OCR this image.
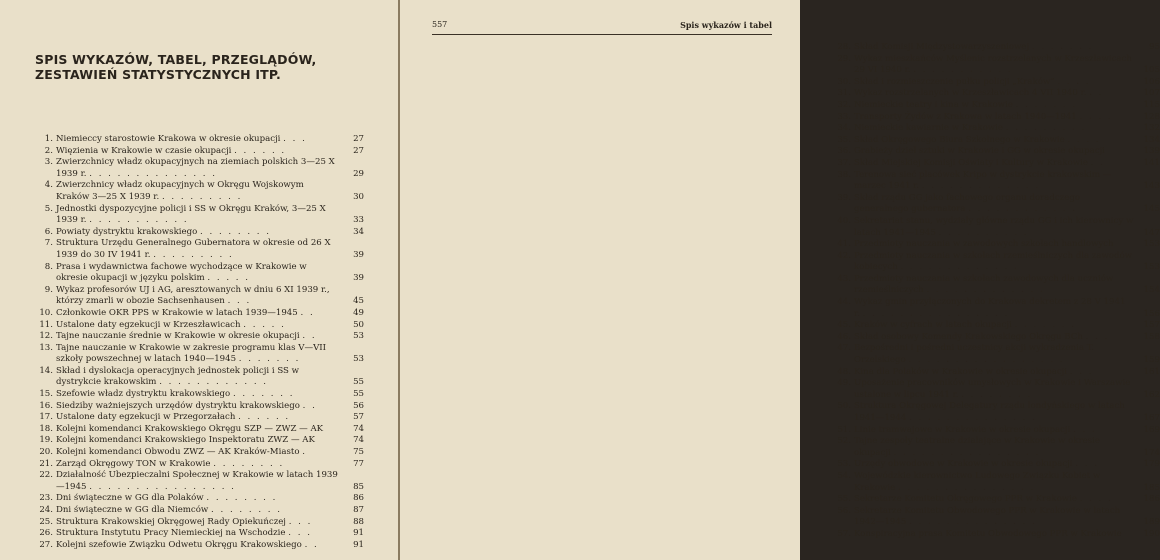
SPIS WYKAZÓW, TABEL, PRZEGLĄDÓW, ZESTAWIEŃ STATYSTYCZNYCH ITP.
1. Niemieccy starostowie Krakowa w okresie okupacji . . .	27
2. Więzienia w Krakowie w czasie okupacji . . . . . .	27
3. Zwierzchnicy władz okupacyjnych na ziemiach polskich 3—25 X 1939 r. . . . . . . . . . . . . . .	29
4. Zwierzchnicy władz okupacyjnych w Okręgu Wojskowym Kraków 3—25 X 1939 r. . . . . . . . . .	30
5. Jednostki dyspozycyjne policji i SS w Okręgu Kraków, 3—25 X 1939 r. . . . . . . . . . . .	33
6. Powiaty dystryktu krakowskiego . . . . . . . .	34
7. Struktura Urzędu Generalnego Gubernatora w okresie od 26 X 1939 do 30 IV 1941 r. . . . . . . . . .	39
8. Prasa i wydawnictwa fachowe wychodzące w Krakowie w okresie okupacji w języku polskim . . . . .	39
9. Wykaz profesorów UJ i AG, aresztowanych w dniu 6 XI 1939 r., którzy zmarli w obozie Sachsenhausen . . .	45
10. Członkowie OKR PPS w Krakowie w latach 1939—1945 . .	49
11. Ustalone daty egzekucji w Krzeszławicach . . . . .	50
12. Tajne nauczanie średnie w Krakowie w okresie okupacji . .	53
13. Tajne nauczanie w Krakowie w zakresie programu klas V—VII szkoły powszechnej w latach 1940—1945 . . . . . . .	53
14. Skład i dyslokacja operacyjnych jednostek policji i SS w dystrykcie krakowskim . . . . . . . . . . . .	55
15. Szefowie władz dystryktu krakowskiego . . . . . . .	55
16. Siedziby ważniejszych urzędów dystryktu krakowskiego . .	56
17. Ustalone daty egzekucji w Przegorzałach . . . . . .	57
18. Kolejni komendanci Krakowskiego Okręgu SZP — ZWZ — AK	74
19. Kolejni komendanci Krakowskiego Inspektoratu ZWZ — AK	74
20. Kolejni komendanci Obwodu ZWZ — AK Kraków-Miasto .	75
21. Zarząd Okręgowy TON w Krakowie . . . . . . . .	77
22. Działalność Ubezpieczalni Społecznej w Krakowie w latach 1939—1945 . . . . . . . . . . . . . . . .	85
23. Dni świąteczne w GG dla Polaków . . . . . . . .	86
24. Dni świąteczne w GG dla Niemców . . . . . . . .	87
25. Struktura Krakowskiej Okręgowej Rady Opiekuńczej . . .	88
26. Struktura Instytutu Pracy Niemieckiej na Wschodzie . . .	91
27. Kolejni szefowie Związku Odwetu Okręgu Krakowskiego . .	91
557	Spis wykazów i tabel
28. Skład Komisji Międzystowarzyszeniowej . . . . . . .	95
29. Wykaz mieszkańców Myślenic rozstrzelanych w Krzeszławicach 29 VI 1940 r. . . . . . . . . . . .	105
30. Skład i rozmieszczenie pułku policji „Kraków” . . . .	106
31. Wykaz rozstrzelanych w Krzeszławicach 4 VII 1940 r. . .	107
32. Niemieckie teatry i kina w Krakowie . . . . . . .	115
33. Transporty Żydów z Krakowa w latach 1940—1941 . . . .	128
34. Niemieckie kawiarnie w Krakowie . . . . . . . . .	132
35. Skład Okręgowego Biura Szkolnego w Krakowie . . . .	134
36. Grabieży dzieł sztuki w Krakowie i GG w okresie okupacji	139
37. Skład Miejskiej Komisji Oświaty i Kultury w Krakowie . .	141
38. Terenowa sieć placówek Kripo w dystrykcie krakowskim — marzec 1941 r. . . . . . . . . . . . . .	143
39. Skład rządu GG jako fachowego organu doradczego generalnego gubernatora . . . . . . . . . . . .	145
40. Sekretariat stanu, wydziały główne rządu GG i ich kierownicy w latach 1941—1945 . . . . . . . . . .	147
41. Przedmioty nauczania w zawodowych szkołach handlowych	153
42. Przedmioty nauczania w szkołach rzemieślniczych dla zawodów kobiecych . . . . . . . . . . . . .	153
43. Przedmioty nauczania w szkołach zawodowych dla uczniów rzemieślniczych . . . . . . . . . . . . .	154
44. Wykaz gmin przyłączonych do Krakowa dekretem z 28 V 1941 r. . . . . . . . . . . . . . . . .	156
45. Kraków w cyfrach w latach okupacji . . . . . . .	157
46. Skład osobowy Komendy Krakowskiego Okręgu BCh . . .	158
47. Bezpośredni i pośredni uczestnicy akcji wykradzenia T. Orzelskiego . . . . . . . . . . . . . . . . .	159
48. Kina dla Polaków w Krakowie w okresie okupacji . . .	161
49. Uposażenie pracowników umysłowych w Krakowie i Warszawie ustalone w lipcu 1941 r. . . . . . . . .	162
50. Struktura Okręgowej Delegatury rządu londyńskiego w latach 1941—1944 . . . . . . . . . . . . . .	167
51. Linie tramwajowe w Krakowie w okresie okupacji . . .	169
52. Tajne zespoły teatralne działające w Krakowie w okresie okupacji . . . . . . . . . . . . . . . .	174
53. Urzędy obwodowe w Krakowie w okresie okupacji . . .	179
54. Wojewódzkie kierownictwo Ludowego Związku Kobiet w Krakowie . . . . . . . . . . . . . . .	185
55. Sekretarze Komitetu Okręgowego PPR w Krakowie . . . .	186
56. Sekretarze Komitetu Obwodowego PPR w Krakowie w latach 1942—1945 . . . . . . . . . . . . . .	189
57. Konspiracyjna prasa Komitetu Obwodowego PPR w Krakowie	190
